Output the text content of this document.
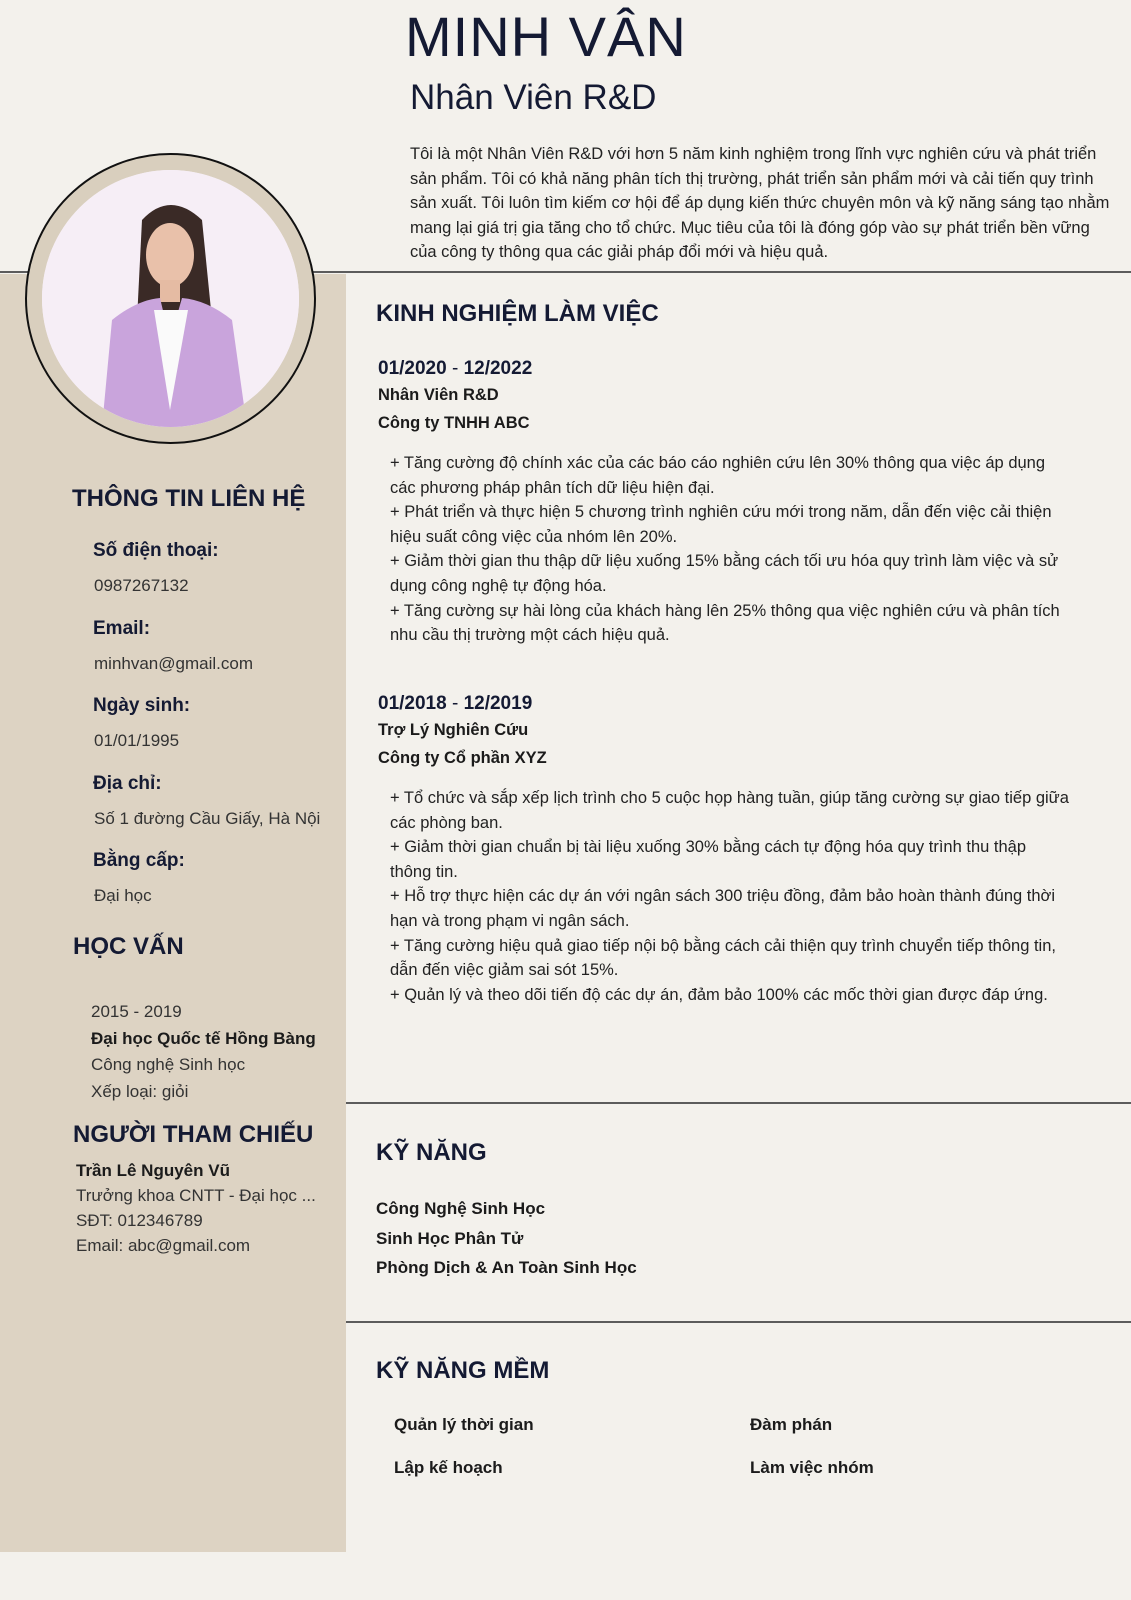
MINH VÂN
Nhân Viên R&D
Tôi là một Nhân Viên R&D với hơn 5 năm kinh nghiệm trong lĩnh vực nghiên cứu và phát triển sản phẩm. Tôi có khả năng phân tích thị trường, phát triển sản phẩm mới và cải tiến quy trình sản xuất. Tôi luôn tìm kiếm cơ hội để áp dụng kiến thức chuyên môn và kỹ năng sáng tạo nhằm mang lại giá trị gia tăng cho tổ chức. Mục tiêu của tôi là đóng góp vào sự phát triển bền vững của công ty thông qua các giải pháp đổi mới và hiệu quả.
THÔNG TIN LIÊN HỆ
Số điện thoại:
0987267132
Email:
minhvan@gmail.com
Ngày sinh:
01/01/1995
Địa chỉ:
Số 1 đường Cầu Giấy, Hà Nội
Bằng cấp:
Đại học
HỌC VẤN
2015 - 2019
Đại học Quốc tế Hồng Bàng
Công nghệ Sinh học
Xếp loại: giỏi
NGƯỜI THAM CHIẾU
Trần Lê Nguyên Vũ
Trưởng khoa CNTT - Đại học ...
SĐT: 012346789
Email: abc@gmail.com
KINH NGHIỆM LÀM VIỆC
01/2020 - 12/2022
Nhân Viên R&D
Công ty TNHH ABC
+ Tăng cường độ chính xác của các báo cáo nghiên cứu lên 30% thông qua việc áp dụng các phương pháp phân tích dữ liệu hiện đại.
+ Phát triển và thực hiện 5 chương trình nghiên cứu mới trong năm, dẫn đến việc cải thiện hiệu suất công việc của nhóm lên 20%.
+ Giảm thời gian thu thập dữ liệu xuống 15% bằng cách tối ưu hóa quy trình làm việc và sử dụng công nghệ tự động hóa.
+ Tăng cường sự hài lòng của khách hàng lên 25% thông qua việc nghiên cứu và phân tích nhu cầu thị trường một cách hiệu quả.
01/2018 - 12/2019
Trợ Lý Nghiên Cứu
Công ty Cổ phần XYZ
+ Tổ chức và sắp xếp lịch trình cho 5 cuộc họp hàng tuần, giúp tăng cường sự giao tiếp giữa các phòng ban.
+ Giảm thời gian chuẩn bị tài liệu xuống 30% bằng cách tự động hóa quy trình thu thập thông tin.
+ Hỗ trợ thực hiện các dự án với ngân sách 300 triệu đồng, đảm bảo hoàn thành đúng thời hạn và trong phạm vi ngân sách.
+ Tăng cường hiệu quả giao tiếp nội bộ bằng cách cải thiện quy trình chuyển tiếp thông tin, dẫn đến việc giảm sai sót 15%.
+ Quản lý và theo dõi tiến độ các dự án, đảm bảo 100% các mốc thời gian được đáp ứng.
KỸ NĂNG
Công Nghệ Sinh Học
Sinh Học Phân Tử
Phòng Dịch & An Toàn Sinh Học
KỸ NĂNG MỀM
Quản lý thời gian	Đàm phán
Lập kế hoạch	Làm việc nhóm
